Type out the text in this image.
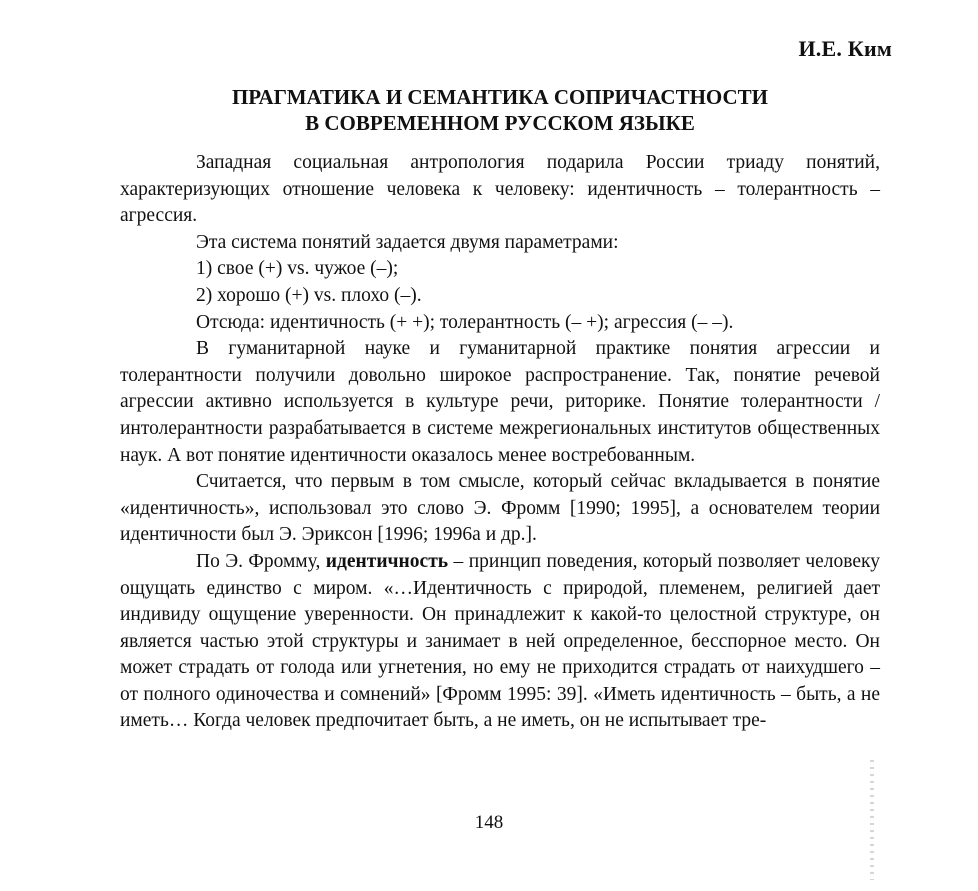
И.Е. Ким
ПРАГМАТИКА И СЕМАНТИКА СОПРИЧАСТНОСТИ
В СОВРЕМЕННОМ РУССКОМ ЯЗЫКЕ

Западная социальная антропология подарила России триаду понятий, характеризующих отношение человека к человеку: идентичность – толерантность – агрессия.

Эта система понятий задается двумя параметрами:

1) свое (+) vs. чужое (–);

2) хорошо (+) vs. плохо (–).

Отсюда: идентичность (+ +); толерантность (– +); агрессия (– –).

В гуманитарной науке и гуманитарной практике понятия агрессии и толерантности получили довольно широкое распространение. Так, понятие речевой агрессии активно используется в культуре речи, риторике. Понятие толерантности / интолерантности разрабатывается в системе межрегиональных институтов общественных наук. А вот понятие идентичности оказалось менее востребованным.

Считается, что первым в том смысле, который сейчас вкладывается в понятие «идентичность», использовал это слово Э. Фромм [1990; 1995], а основателем теории идентичности был Э. Эриксон [1996; 1996а и др.].

По Э. Фромму, идентичность – принцип поведения, который позволяет человеку ощущать единство с миром. «…Идентичность с природой, племенем, религией дает индивиду ощущение уверенности. Он принадлежит к какой-то целостной структуре, он является частью этой структуры и занимает в ней определенное, бесспорное место. Он может страдать от голода или угнетения, но ему не приходится страдать от наихудшего – от полного одиночества и сомнений» [Фромм 1995: 39]. «Иметь идентичность – быть, а не иметь… Когда человек предпочитает быть, а не иметь, он не испытывает тре-

148
